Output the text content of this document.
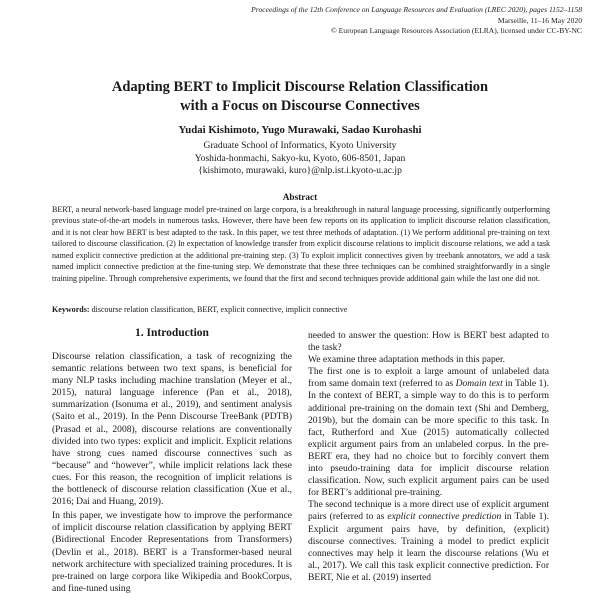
Proceedings of the 12th Conference on Language Resources and Evaluation (LREC 2020), pages 1152–1158
Marseille, 11–16 May 2020
© European Language Resources Association (ELRA), licensed under CC-BY-NC
Adapting BERT to Implicit Discourse Relation Classification
with a Focus on Discourse Connectives
Yudai Kishimoto, Yugo Murawaki, Sadao Kurohashi
Graduate School of Informatics, Kyoto University
Yoshida-honmachi, Sakyo-ku, Kyoto, 606-8501, Japan
{kishimoto, murawaki, kuro}@nlp.ist.i.kyoto-u.ac.jp
Abstract
BERT, a neural network-based language model pre-trained on large corpora, is a breakthrough in natural language processing, significantly outperforming previous state-of-the-art models in numerous tasks. However, there have been few reports on its application to implicit discourse relation classification, and it is not clear how BERT is best adapted to the task. In this paper, we test three methods of adaptation. (1) We perform additional pre-training on text tailored to discourse classification. (2) In expectation of knowledge transfer from explicit discourse relations to implicit discourse relations, we add a task named explicit connective prediction at the additional pre-training step. (3) To exploit implicit connectives given by treebank annotators, we add a task named implicit connective prediction at the fine-tuning step. We demonstrate that these three techniques can be combined straightforwardly in a single training pipeline. Through comprehensive experiments, we found that the first and second techniques provide additional gain while the last one did not.
Keywords: discourse relation classification, BERT, explicit connective, implicit connective
1. Introduction

Discourse relation classification, a task of recognizing the semantic relations between two text spans, is beneficial for many NLP tasks including machine translation (Meyer et al., 2015), natural language inference (Pan et al., 2018), summarization (Isonuma et al., 2019), and sentiment analysis (Saito et al., 2019). In the Penn Discourse TreeBank (PDTB) (Prasad et al., 2008), discourse relations are conventionally divided into two types: explicit and implicit. Explicit relations have strong cues named discourse connectives such as “because” and “however”, while implicit relations lack these cues. For this reason, the recognition of implicit relations is the bottleneck of discourse relation classification (Xue et al., 2016; Dai and Huang, 2019).

In this paper, we investigate how to improve the performance of implicit discourse relation classification by applying BERT (Bidirectional Encoder Representations from Transformers) (Devlin et al., 2018). BERT is a Transformer-based neural network architecture with specialized training procedures. It is pre-trained on large corpora like Wikipedia and BookCorpus, and fine-tuned using

needed to answer the question: How is BERT best adapted to the task?

We examine three adaptation methods in this paper.

The first one is to exploit a large amount of unlabeled data from same domain text (referred to as Domain text in Table 1). In the context of BERT, a simple way to do this is to perform additional pre-training on the domain text (Shi and Demberg, 2019b), but the domain can be more specific to this task. In fact, Rutherford and Xue (2015) automatically collected explicit argument pairs from an unlabeled corpus. In the pre-BERT era, they had no choice but to forcibly convert them into pseudo-training data for implicit discourse relation classification. Now, such explicit argument pairs can be used for BERT’s additional pre-training.

The second technique is a more direct use of explicit argument pairs (referred to as explicit connective prediction in Table 1). Explicit argument pairs have, by definition, (explicit) discourse connectives. Training a model to predict explicit connectives may help it learn the discourse relations (Wu et al., 2017). We call this task explicit connective prediction. For BERT, Nie et al. (2019) inserted
